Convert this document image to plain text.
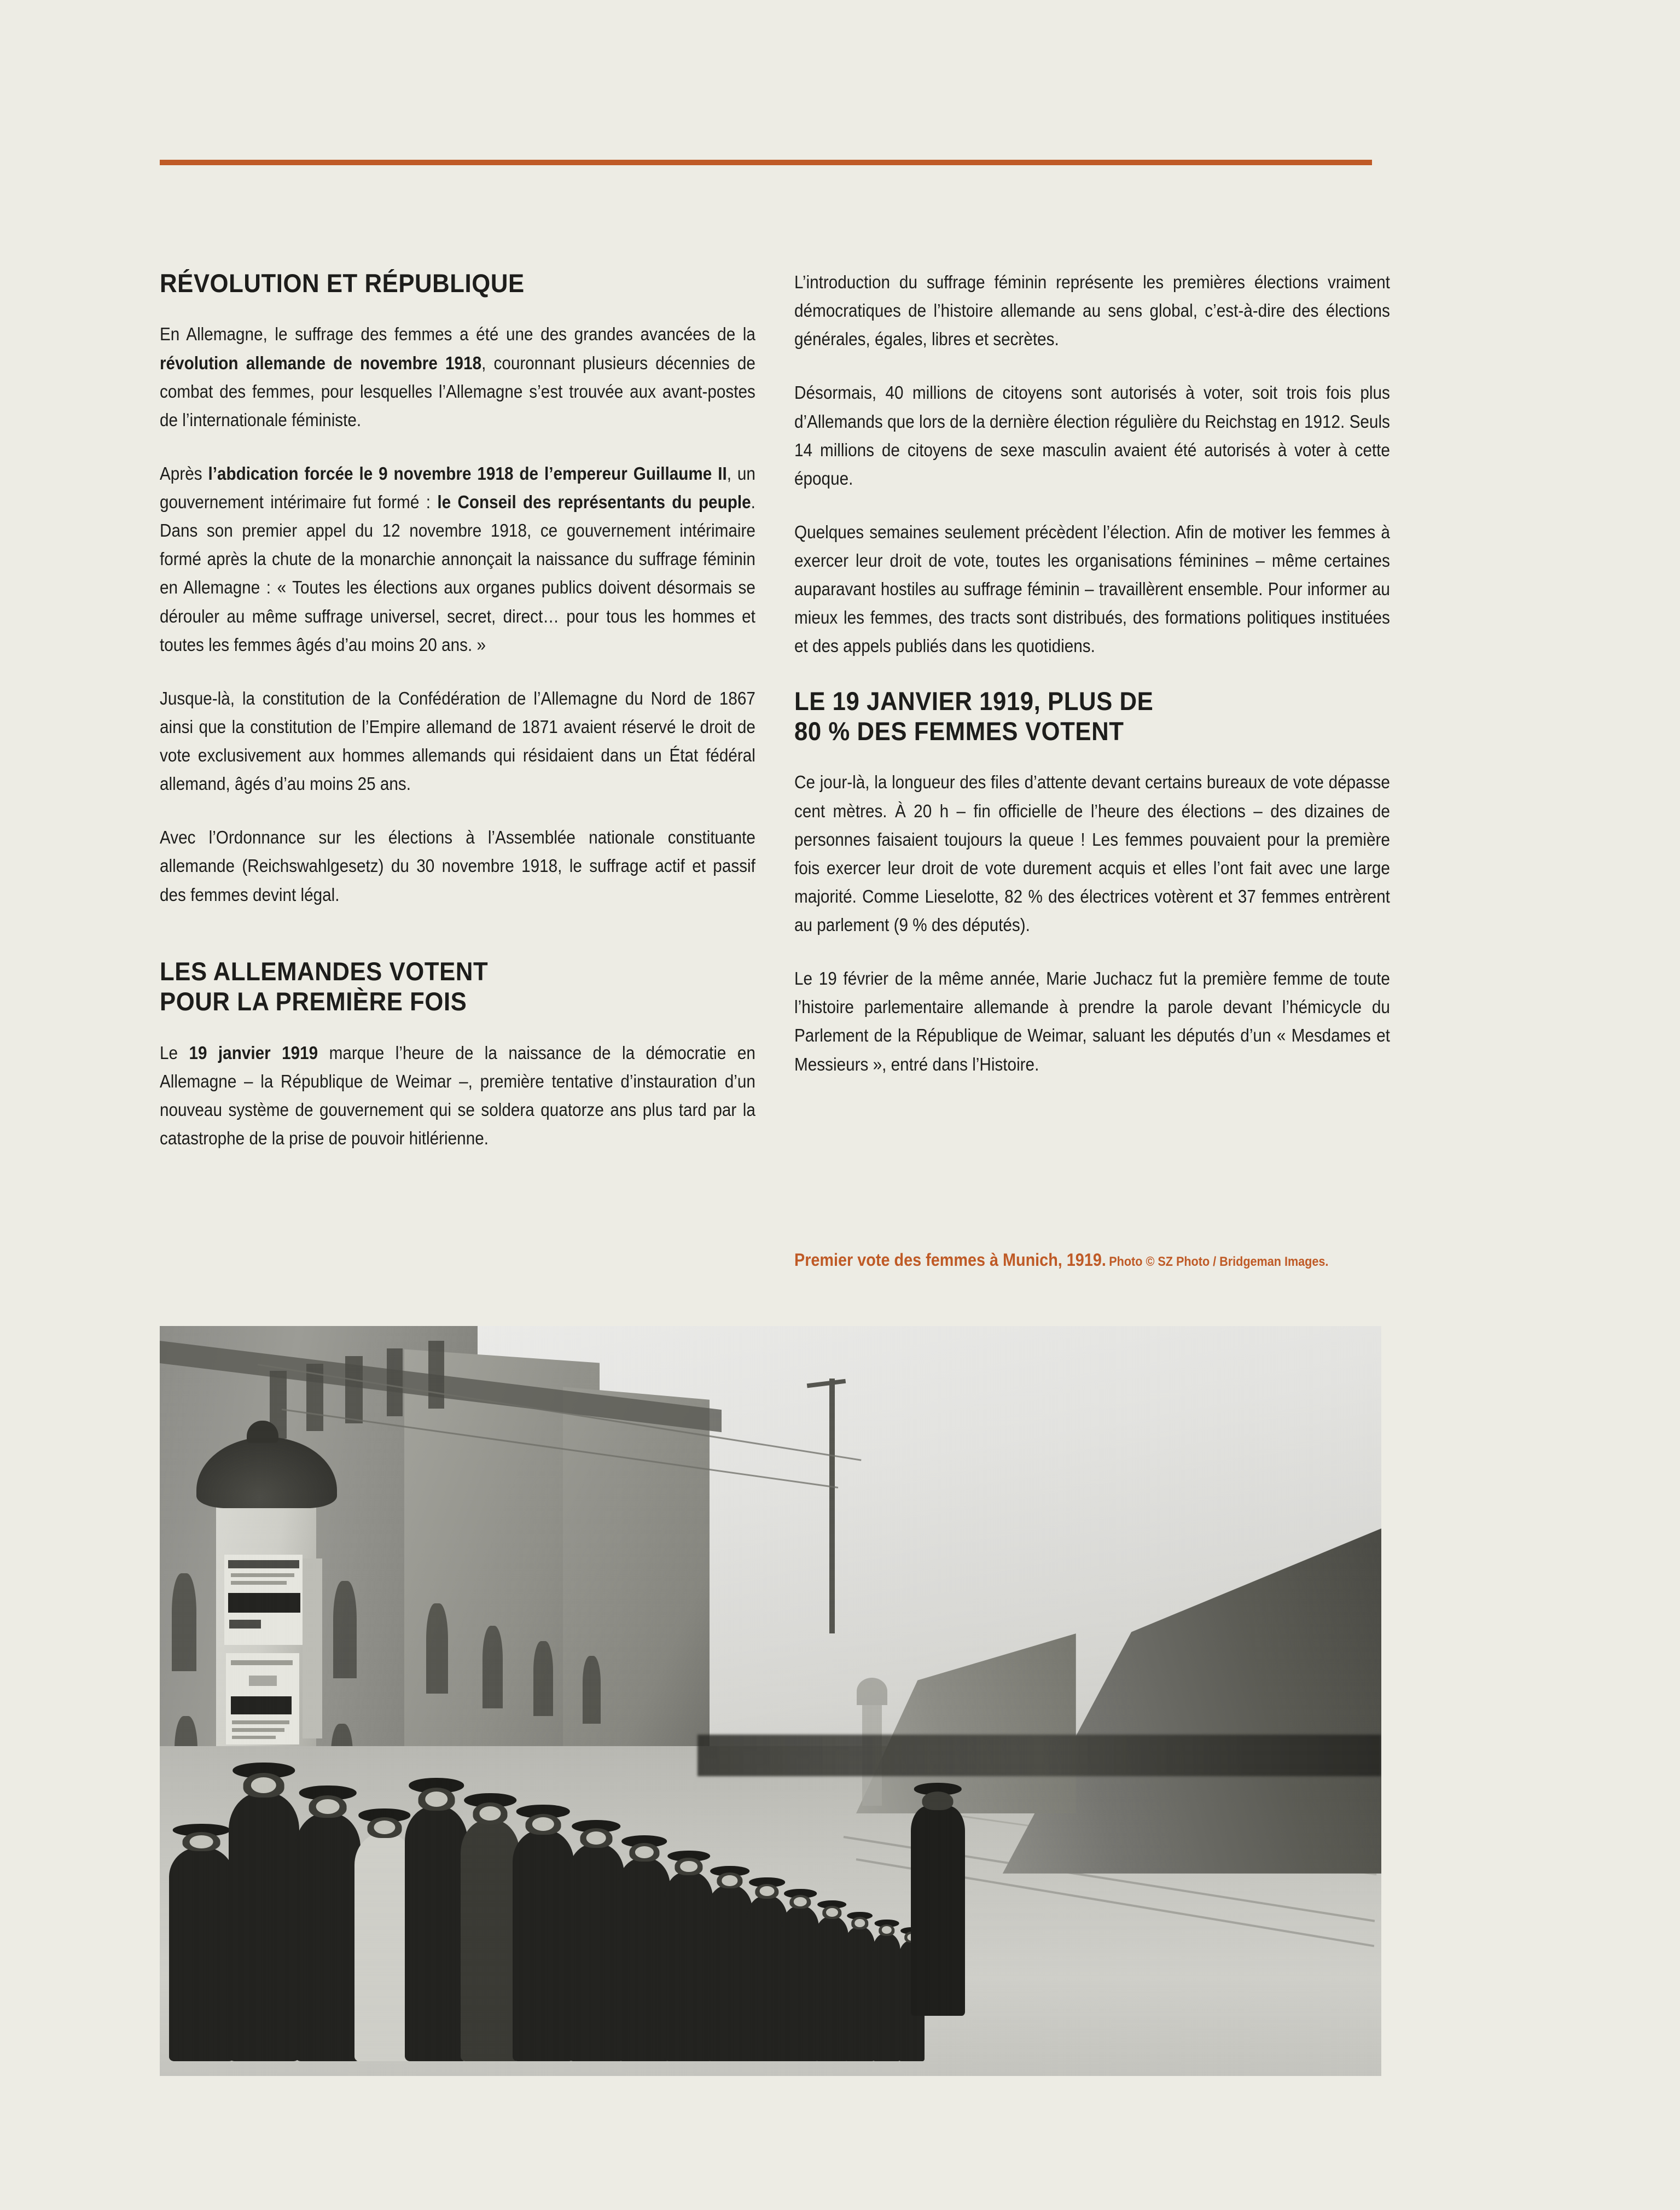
RÉVOLUTION ET RÉPUBLIQUE

En Allemagne, le suffrage des femmes a été une des grandes avancées de la révolution allemande de novembre 1918, couronnant plusieurs décennies de combat des femmes, pour lesquelles l’Allemagne s’est trouvée aux avant-postes de l’internationale féministe.

Après l’abdication forcée le 9 novembre 1918 de l’empereur Guillaume II, un gouvernement intérimaire fut formé : le Conseil des représentants du peuple. Dans son premier appel du 12 novembre 1918, ce gouvernement intérimaire formé après la chute de la monarchie annonçait la naissance du suffrage féminin en Allemagne : « Toutes les élections aux organes publics doivent désormais se dérouler au même suffrage universel, secret, direct… pour tous les hommes et toutes les femmes âgés d’au moins 20 ans. »

Jusque-là, la constitution de la Confédération de l’Allemagne du Nord de 1867 ainsi que la constitution de l’Empire allemand de 1871 avaient réservé le droit de vote exclusivement aux hommes allemands qui résidaient dans un État fédéral allemand, âgés d’au moins 25 ans.

Avec l’Ordonnance sur les élections à l’Assemblée nationale constituante allemande (Reichswahlgesetz) du 30 novembre 1918, le suffrage actif et passif des femmes devint légal.

LES ALLEMANDES VOTENT
POUR LA PREMIÈRE FOIS

Le 19 janvier 1919 marque l’heure de la naissance de la démocratie en Allemagne – la République de Weimar –, première tentative d’instauration d’un nouveau système de gouvernement qui se soldera quatorze ans plus tard par la catastrophe de la prise de pouvoir hitlérienne.

L’introduction du suffrage féminin représente les premières élections vraiment démocratiques de l’histoire allemande au sens global, c’est-à-dire des élections générales, égales, libres et secrètes.

Désormais, 40 millions de citoyens sont autorisés à voter, soit trois fois plus d’Allemands que lors de la dernière élection régulière du Reichstag en 1912. Seuls 14 millions de citoyens de sexe masculin avaient été autorisés à voter à cette époque.

Quelques semaines seulement précèdent l’élection. Afin de motiver les femmes à exercer leur droit de vote, toutes les organisations féminines – même certaines auparavant hostiles au suffrage féminin – travaillèrent ensemble. Pour informer au mieux les femmes, des tracts sont distribués, des formations politiques instituées et des appels publiés dans les quotidiens.

LE 19 JANVIER 1919, PLUS DE
80 % DES FEMMES VOTENT

Ce jour-là, la longueur des files d’attente devant certains bureaux de vote dépasse cent mètres. À 20 h – fin officielle de l’heure des élections – des dizaines de personnes faisaient toujours la queue ! Les femmes pouvaient pour la première fois exercer leur droit de vote durement acquis et elles l’ont fait avec une large majorité. Comme Lieselotte, 82 % des électrices votèrent et 37 femmes entrèrent au parlement (9 % des députés).

Le 19 février de la même année, Marie Juchacz fut la première femme de toute l’histoire parlementaire allemande à prendre la parole devant l’hémicycle du Parlement de la République de Weimar, saluant les députés d’un « Mesdames et Messieurs », entré dans l’Histoire.

Premier vote des femmes à Munich, 1919. Photo © SZ Photo / Bridgeman Images.
